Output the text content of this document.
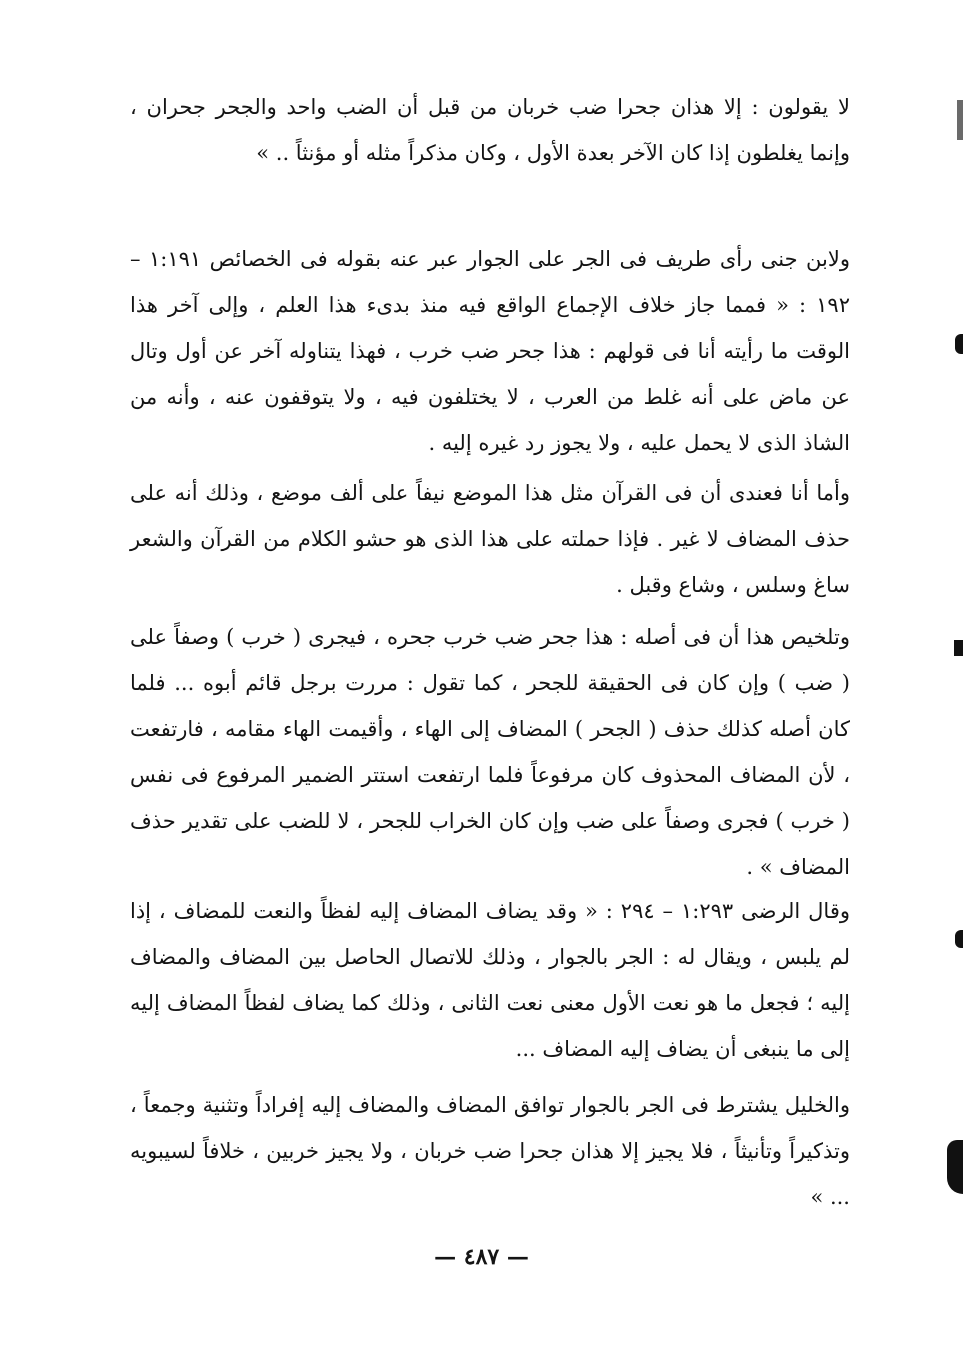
لا يقولون : إلا هذان جحرا ضب خربان من قبل أن الضب واحد والجحر جحران ، وإنما يغلطون إذا كان الآخر بعدة الأول ، وكان مذكراً مثله أو مؤنثاً .. »

ولابن جنى رأى طريف فى الجر على الجوار عبر عنه بقوله فى الخصائص ١:١٩١ – ١٩٢ : « فمما جاز خلاف الإجماع الواقع فيه منذ بدىء هذا العلم ، وإلى آخر هذا الوقت ما رأيته أنا فى قولهم : هذا جحر ضب خرب ، فهذا يتناوله آخر عن أول وتال عن ماض على أنه غلط من العرب ، لا يختلفون فيه ، ولا يتوقفون عنه ، وأنه من الشاذ الذى لا يحمل عليه ، ولا يجوز رد غيره إليه .

وأما أنا فعندى أن فى القرآن مثل هذا الموضع نيفاً على ألف موضع ، وذلك أنه على حذف المضاف لا غير . فإذا حملته على هذا الذى هو حشو الكلام من القرآن والشعر ساغ وسلس ، وشاع وقبل .

وتلخيص هذا أن فى أصله : هذا جحر ضب خرب جحره ، فيجرى ( خرب ) وصفاً على ( ضب ) وإن كان فى الحقيقة للجحر ، كما تقول : مررت برجل قائم أبوه ... فلما كان أصله كذلك حذف ( الجحر ) المضاف إلى الهاء ، وأقيمت الهاء مقامه ، فارتفعت ، لأن المضاف المحذوف كان مرفوعاً فلما ارتفعت استتر الضمير المرفوع فى نفس ( خرب ) فجرى وصفاً على ضب وإن كان الخراب للجحر ، لا للضب على تقدير حذف المضاف » .

وقال الرضى ١:٢٩٣ – ٢٩٤ : « وقد يضاف المضاف إليه لفظاً والنعت للمضاف ، إذا لم يلبس ، ويقال له : الجر بالجوار ، وذلك للاتصال الحاصل بين المضاف والمضاف إليه ؛ فجعل ما هو نعت الأول معنى نعت الثانى ، وذلك كما يضاف لفظاً المضاف إليه إلى ما ينبغى أن يضاف إليه المضاف ...

والخليل يشترط فى الجر بالجوار توافق المضاف والمضاف إليه إفراداً وتثنية وجمعاً ، وتذكيراً وتأنيثاً ، فلا يجيز إلا هذان جحرا ضب خربان ، ولا يجيز خربين ، خلافاً لسيبويه ... »

— ٤٨٧ —
